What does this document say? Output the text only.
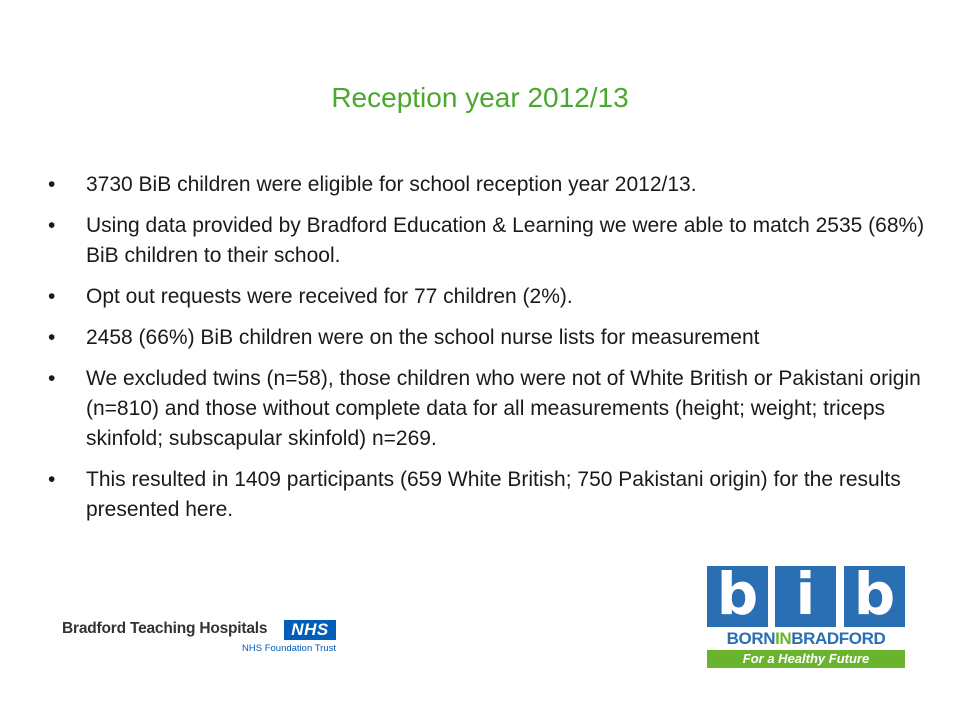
Reception year 2012/13
•	3730 BiB children were eligible for school reception year 2012/13.
•	Using data provided by Bradford Education & Learning we were able to match 2535 (68%) BiB children to their school.
•	Opt out requests were received for 77 children (2%).
•	2458 (66%) BiB children were on the school nurse lists for measurement
•	We excluded twins (n=58), those children who were not of White British or Pakistani origin (n=810) and those without complete data for all measurements (height; weight; triceps skinfold; subscapular skinfold) n=269.
•	This resulted in 1409 participants (659 White British; 750 Pakistani origin) for the results presented here.
Bradford Teaching Hospitals	NHS
NHS Foundation Trust
b i b
BORNINBRADFORD
For a Healthy Future
